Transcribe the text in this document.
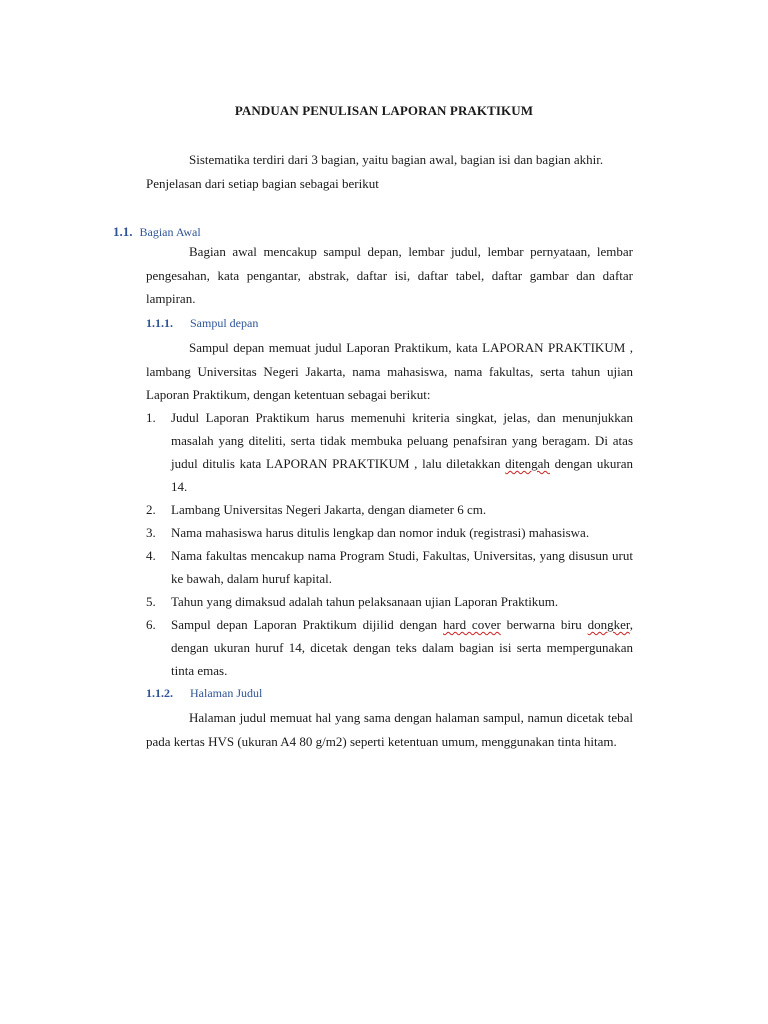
PANDUAN PENULISAN LAPORAN PRAKTIKUM
Sistematika terdiri dari 3 bagian, yaitu bagian awal, bagian isi dan bagian akhir.
Penjelasan dari setiap bagian sebagai berikut
1.1. Bagian Awal
Bagian awal mencakup sampul depan, lembar judul, lembar pernyataan, lembar pengesahan, kata pengantar, abstrak, daftar isi, daftar tabel, daftar gambar dan daftar lampiran.
1.1.1. Sampul depan
Sampul depan memuat judul Laporan Praktikum, kata LAPORAN PRAKTIKUM , lambang Universitas Negeri Jakarta, nama mahasiswa, nama fakultas, serta tahun ujian Laporan Praktikum, dengan ketentuan sebagai berikut:
1. Judul Laporan Praktikum harus memenuhi kriteria singkat, jelas, dan menunjukkan masalah yang diteliti, serta tidak membuka peluang penafsiran yang beragam. Di atas judul ditulis kata LAPORAN PRAKTIKUM , lalu diletakkan ditengah dengan ukuran 14.
2. Lambang Universitas Negeri Jakarta, dengan diameter 6 cm.
3. Nama mahasiswa harus ditulis lengkap dan nomor induk (registrasi) mahasiswa.
4. Nama fakultas mencakup nama Program Studi, Fakultas, Universitas, yang disusun urut ke bawah, dalam huruf kapital.
5. Tahun yang dimaksud adalah tahun pelaksanaan ujian Laporan Praktikum.
6. Sampul depan Laporan Praktikum dijilid dengan hard cover berwarna biru dongker, dengan ukuran huruf 14, dicetak dengan teks dalam bagian isi serta mempergunakan tinta emas.
1.1.2. Halaman Judul
Halaman judul memuat hal yang sama dengan halaman sampul, namun dicetak tebal pada kertas HVS (ukuran A4 80 g/m2) seperti ketentuan umum, menggunakan tinta hitam.
